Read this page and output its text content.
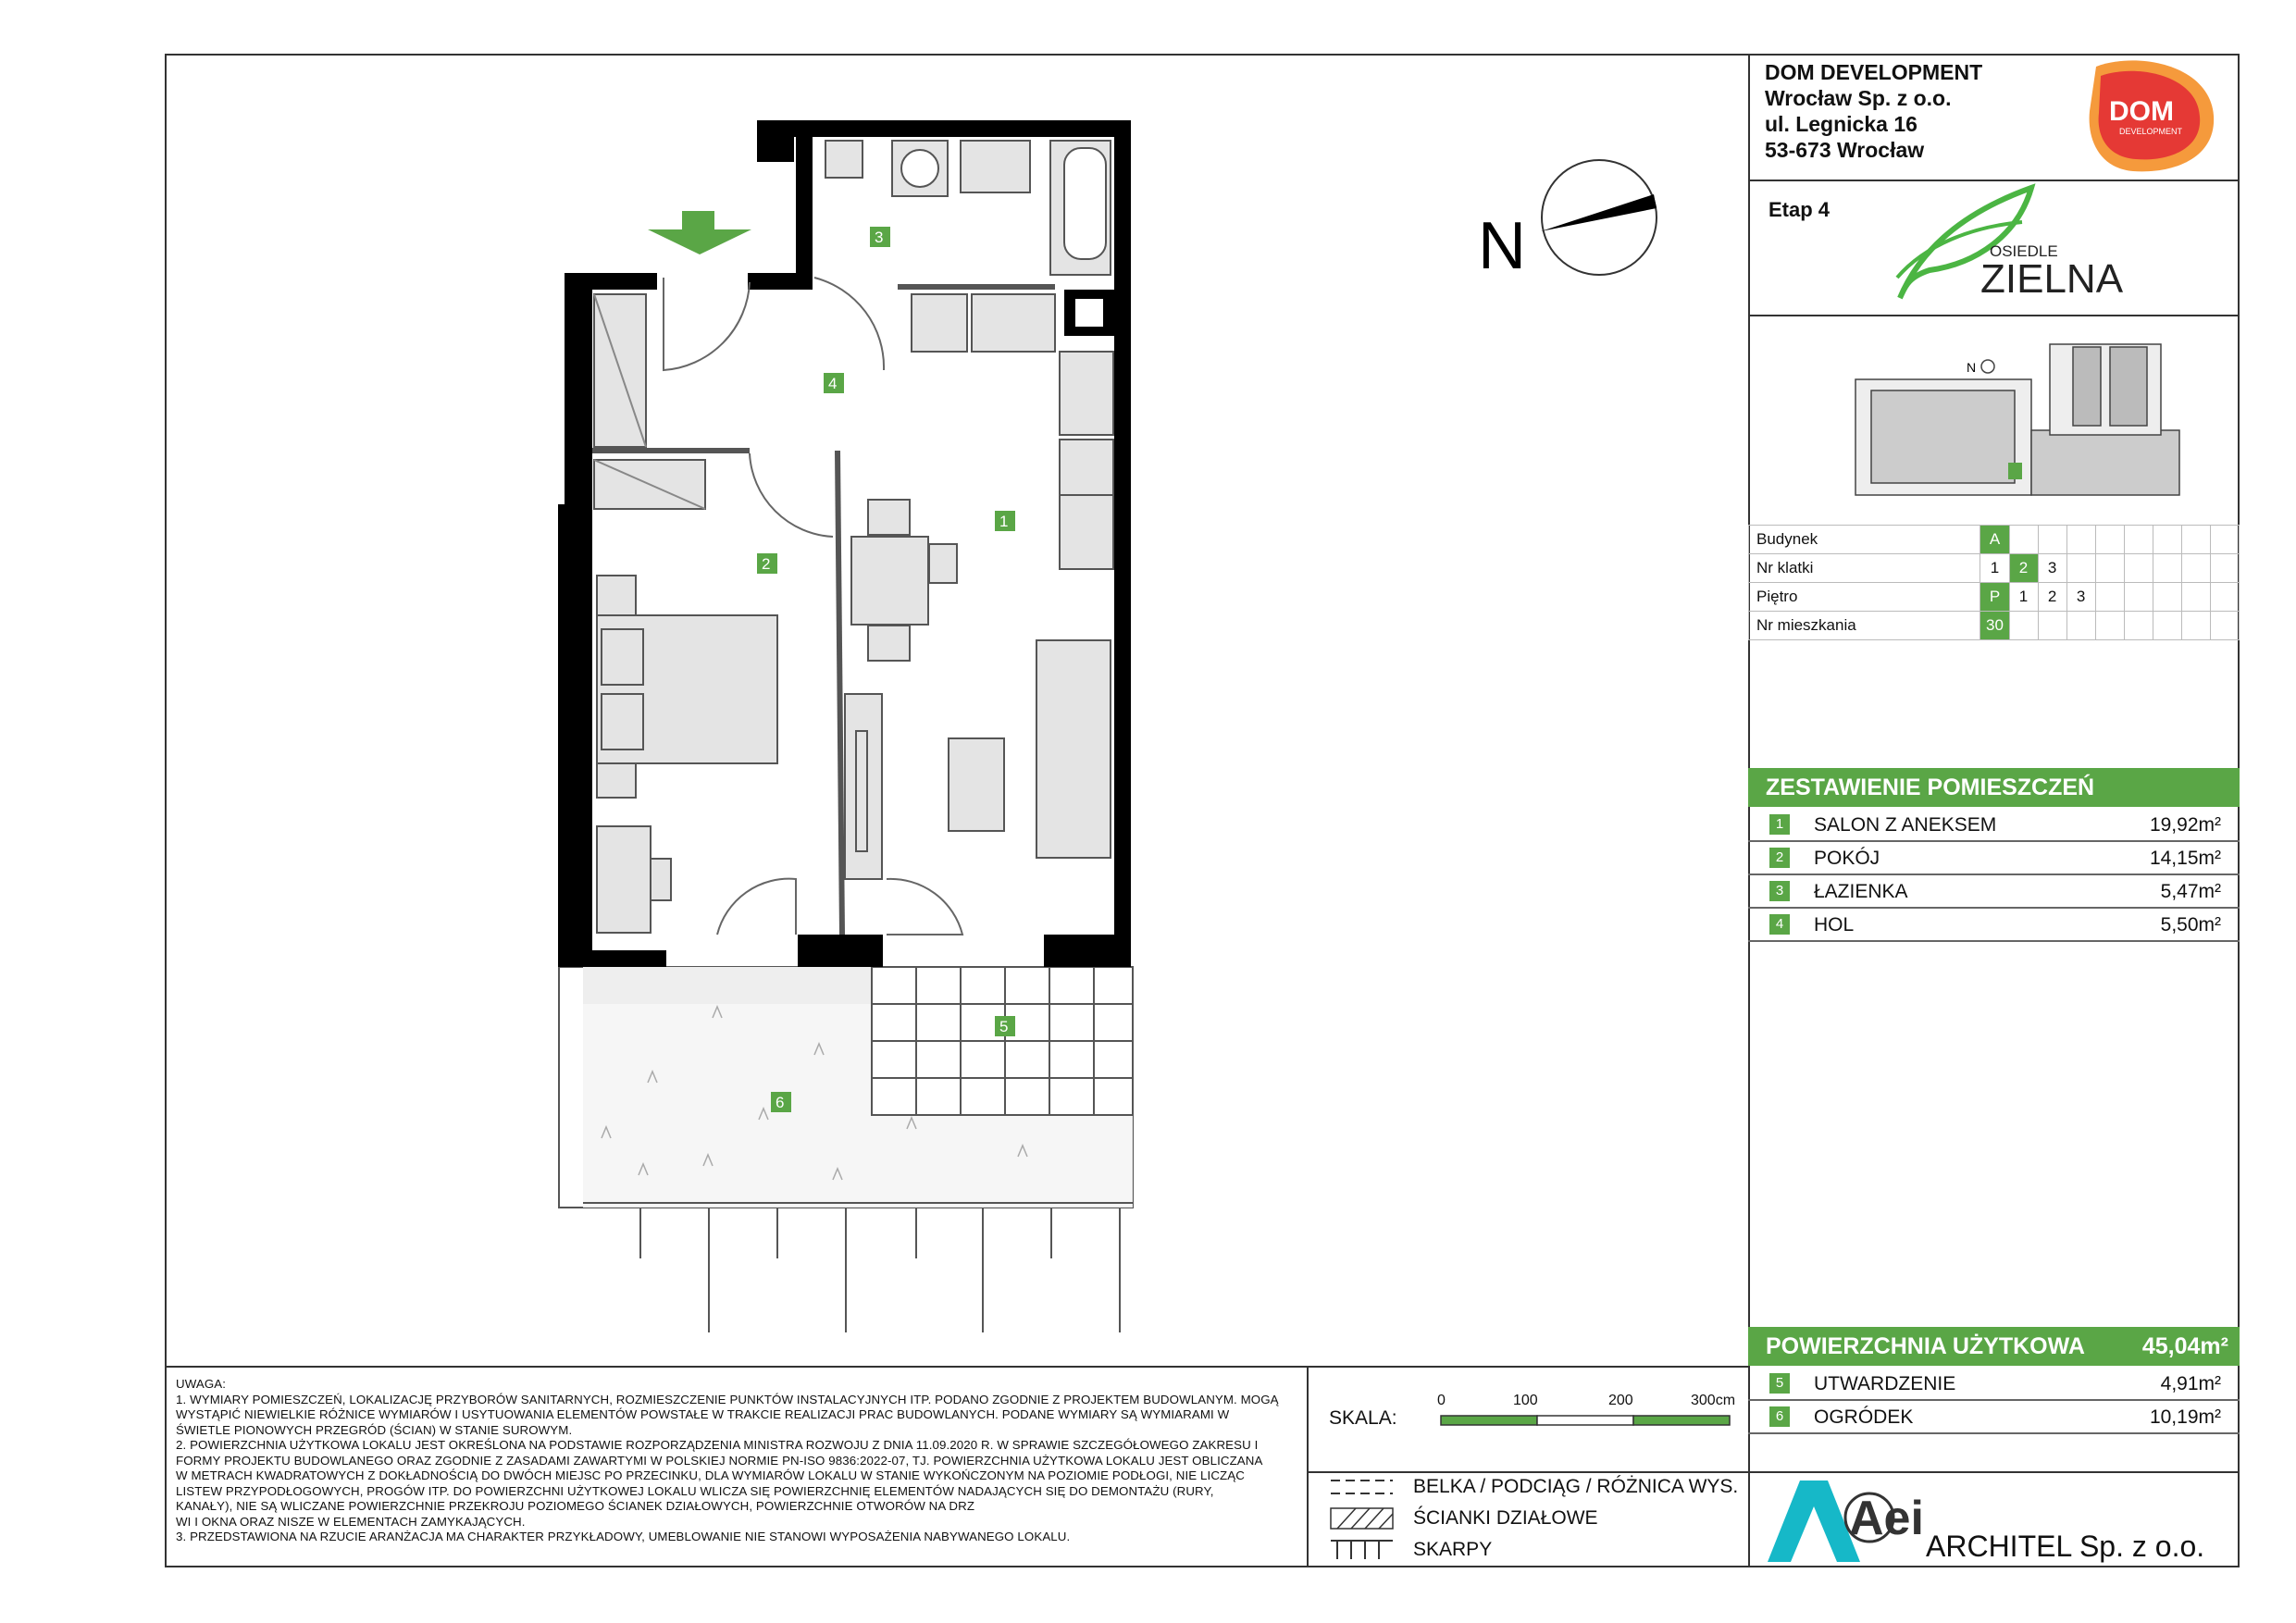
1
2
3
4
5
6
N
N
DOM
DEVELOPMENT
OSIEDLE
ZIELNA
Aei
DOM DEVELOPMENT
Wrocław Sp. z o.o.
ul. Legnicka 16
53-673 Wrocław
Etap 4
Budynek	A								
Nr klatki	1	2	3						
Piętro	P	1	2	3					
Nr mieszkania	30								
ZESTAWIENIE POMIESZCZEŃ
1	SALON Z ANEKSEM	19,92m²
2	POKÓJ	14,15m²
3	ŁAZIENKA	5,47m²
4	HOL	5,50m²
POWIERZCHNIA UŻYTKOWA 45,04m²
5	UTWARDZENIE	4,91m²
6	OGRÓDEK	10,19m²
UWAGA:
1. WYMIARY POMIESZCZEŃ, LOKALIZACJĘ PRZYBORÓW SANITARNYCH, ROZMIESZCZENIE PUNKTÓW INSTALACYJNYCH ITP. PODANO ZGODNIE Z PROJEKTEM BUDOWLANYM. MOGĄ
WYSTĄPIĆ NIEWIELKIE RÓŻNICE WYMIARÓW I USYTUOWANIA ELEMENTÓW POWSTAŁE W TRAKCIE REALIZACJI PRAC BUDOWLANYCH. PODANE WYMIARY SĄ WYMIARAMI W
ŚWIETLE PIONOWYCH PRZEGRÓD (ŚCIAN) W STANIE SUROWYM.
2. POWIERZCHNIA UŻYTKOWA LOKALU JEST OKREŚLONA NA PODSTAWIE ROZPORZĄDZENIA MINISTRA ROZWOJU Z DNIA 11.09.2020 R. W SPRAWIE SZCZEGÓŁOWEGO ZAKRESU I
FORMY PROJEKTU BUDOWLANEGO ORAZ ZGODNIE Z ZASADAMI ZAWARTYMI W POLSKIEJ NORMIE PN-ISO 9836:2022-07, TJ. POWIERZCHNIA UŻYTKOWA LOKALU JEST OBLICZANA
W METRACH KWADRATOWYCH Z DOKŁADNOŚCIĄ DO DWÓCH MIEJSC PO PRZECINKU, DLA WYMIARÓW LOKALU W STANIE WYKOŃCZONYM NA POZIOMIE PODŁOGI, NIE LICZĄC
LISTEW PRZYPODŁOGOWYCH, PROGÓW ITP. DO POWIERZCHNI UŻYTKOWEJ LOKALU WLICZA SIĘ POWIERZCHNIĘ ELEMENTÓW NADAJĄCYCH SIĘ DO DEMONTAŻU (RURY,
KANAŁY), NIE SĄ WLICZANE POWIERZCHNIE PRZEKROJU POZIOMEGO ŚCIANEK DZIAŁOWYCH, POWIERZCHNIE OTWORÓW NA DRZ
WI I OKNA ORAZ NISZE W ELEMENTACH ZAMYKAJĄCYCH.
3. PRZEDSTAWIONA NA RZUCIE ARANŻACJA MA CHARAKTER PRZYKŁADOWY, UMEBLOWANIE NIE STANOWI WYPOSAŻENIA NABYWANEGO LOKALU.
SKALA:
0	100	200	300cm
BELKA / PODCIĄG / RÓŻNICA WYS.
ŚCIANKI DZIAŁOWE
SKARPY	ARCHITEL Sp. z o.o.
